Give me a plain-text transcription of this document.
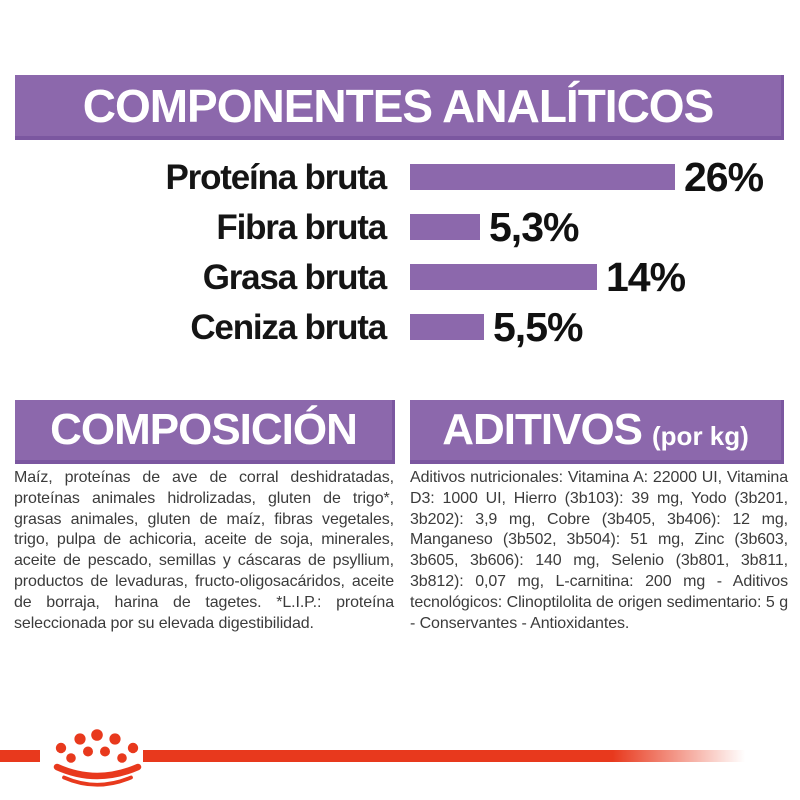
COMPONENTES ANALÍTICOS
Proteína bruta	26%
Fibra bruta	5,3%
Grasa bruta	14%
Ceniza bruta	5,5%
COMPOSICIÓN ADITIVOS (por kg)

Maíz, proteínas de ave de corral deshidratadas, proteínas animales hidrolizadas, gluten de trigo*, grasas animales, gluten de maíz, fibras vegetales, trigo, pulpa de achicoria, aceite de soja, minerales, aceite de pescado, semillas y cáscaras de psyllium, productos de levaduras, fructo-oligosacáridos, aceite de borraja, harina de tagetes. *L.I.P.: proteína seleccionada por su elevada digestibilidad.

Aditivos nutricionales: Vitamina A: 22000 UI, Vitamina D3: 1000 UI, Hierro (3b103): 39 mg, Yodo (3b201, 3b202): 3,9 mg, Cobre (3b405, 3b406): 12 mg, Manganeso (3b502, 3b504): 51 mg, Zinc (3b603, 3b605, 3b606): 140 mg, Selenio (3b801, 3b811, 3b812): 0,07 mg, L-carnitina: 200 mg - Aditivos tecnológicos: Clinoptilolita de origen sedimentario: 5 g - Conservantes - Antioxidantes.
